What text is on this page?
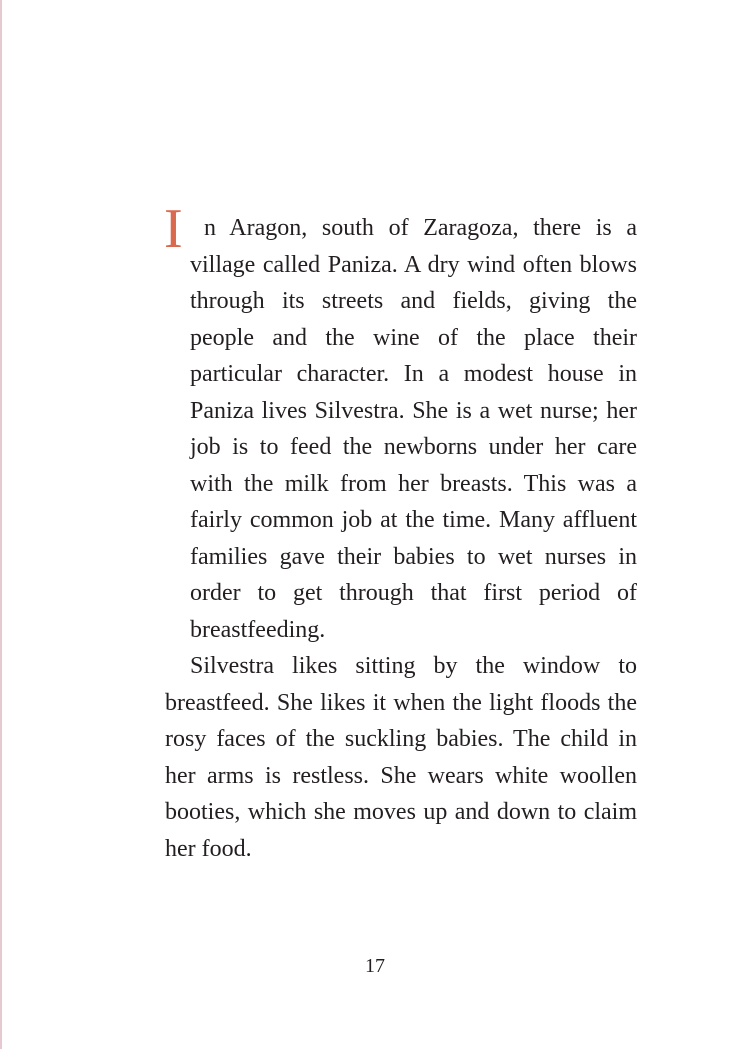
I n Aragon, south of Zaragoza, there is a village called Paniza. A dry wind often blows through its streets and fields, giving the people and the wine of the place their particular character. In a modest house in Paniza lives Silvestra. She is a wet nurse; her job is to feed the newborns under her care with the milk from her breasts. This was a fairly common job at the time. Many affluent families gave their babies to wet nurses in order to get through that first period of breastfeeding.

Silvestra likes sitting by the window to breastfeed. She likes it when the light floods the rosy faces of the suckling babies. The child in her arms is restless. She wears white woollen booties, which she moves up and down to claim her food.

17
